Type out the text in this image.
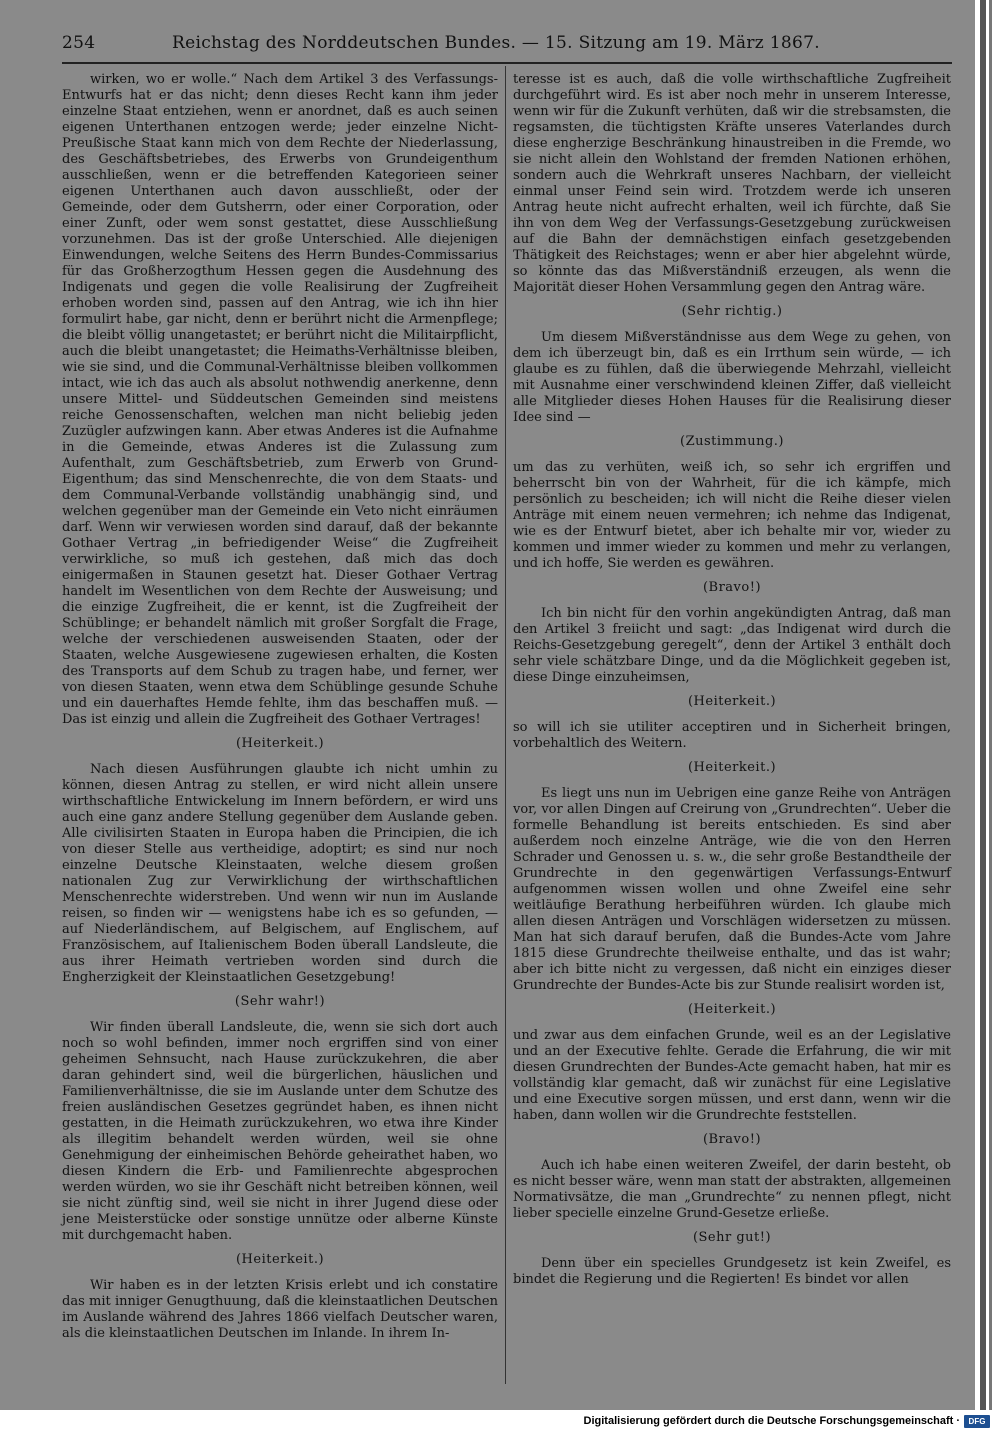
254	Reichstag des Norddeutschen Bundes. — 15. Sitzung am 19. März 1867.

wirken, wo er wolle.“ Nach dem Artikel 3 des Verfassungs-Entwurfs hat er das nicht; denn dieses Recht kann ihm jeder einzelne Staat entziehen, wenn er anordnet, daß es auch seinen eigenen Unterthanen entzogen werde; jeder einzelne Nicht-Preußische Staat kann mich von dem Rechte der Niederlassung, des Geschäftsbetriebes, des Erwerbs von Grundeigenthum ausschließen, wenn er die betreffenden Kategorieen seiner eigenen Unterthanen auch davon ausschließt, oder der Gemeinde, oder dem Gutsherrn, oder einer Corporation, oder einer Zunft, oder wem sonst gestattet, diese Ausschließung vorzunehmen. Das ist der große Unterschied. Alle diejenigen Einwendungen, welche Seitens des Herrn Bundes-Commissarius für das Großherzogthum Hessen gegen die Ausdehnung des Indigenats und gegen die volle Realisirung der Zugfreiheit erhoben worden sind, passen auf den Antrag, wie ich ihn hier formulirt habe, gar nicht, denn er berührt nicht die Armenpflege; die bleibt völlig unangetastet; er berührt nicht die Militairpflicht, auch die bleibt unangetastet; die Heimaths-Verhältnisse bleiben, wie sie sind, und die Communal-Verhältnisse bleiben vollkommen intact, wie ich das auch als absolut nothwendig anerkenne, denn unsere Mittel- und Süddeutschen Gemeinden sind meistens reiche Genossenschaften, welchen man nicht beliebig jeden Zuzügler aufzwingen kann. Aber etwas Anderes ist die Aufnahme in die Gemeinde, etwas Anderes ist die Zulassung zum Aufenthalt, zum Geschäftsbetrieb, zum Erwerb von Grund-Eigenthum; das sind Menschenrechte, die von dem Staats- und dem Communal-Verbande vollständig unabhängig sind, und welchen gegenüber man der Gemeinde ein Veto nicht einräumen darf. Wenn wir verwiesen worden sind darauf, daß der bekannte Gothaer Vertrag „in befriedigender Weise“ die Zugfreiheit verwirkliche, so muß ich gestehen, daß mich das doch einigermaßen in Staunen gesetzt hat. Dieser Gothaer Vertrag handelt im Wesentlichen von dem Rechte der Ausweisung; und die einzige Zugfreiheit, die er kennt, ist die Zugfreiheit der Schüblinge; er behandelt nämlich mit großer Sorgfalt die Frage, welche der verschiedenen ausweisenden Staaten, oder der Staaten, welche Ausgewiesene zugewiesen erhalten, die Kosten des Transports auf dem Schub zu tragen habe, und ferner, wer von diesen Staaten, wenn etwa dem Schüblinge gesunde Schuhe und ein dauerhaftes Hemde fehlte, ihm das beschaffen muß. — Das ist einzig und allein die Zugfreiheit des Gothaer Vertrages!

(Heiterkeit.)

Nach diesen Ausführungen glaubte ich nicht umhin zu können, diesen Antrag zu stellen, er wird nicht allein unsere wirthschaftliche Entwickelung im Innern befördern, er wird uns auch eine ganz andere Stellung gegenüber dem Auslande geben. Alle civilisirten Staaten in Europa haben die Principien, die ich von dieser Stelle aus vertheidige, adoptirt; es sind nur noch einzelne Deutsche Kleinstaaten, welche diesem großen nationalen Zug zur Verwirklichung der wirthschaftlichen Menschenrechte widerstreben. Und wenn wir nun im Auslande reisen, so finden wir — wenigstens habe ich es so gefunden, — auf Niederländischem, auf Belgischem, auf Englischem, auf Französischem, auf Italienischem Boden überall Landsleute, die aus ihrer Heimath vertrieben worden sind durch die Engherzigkeit der Kleinstaatlichen Gesetzgebung!

(Sehr wahr!)

Wir finden überall Landsleute, die, wenn sie sich dort auch noch so wohl befinden, immer noch ergriffen sind von einer geheimen Sehnsucht, nach Hause zurückzukehren, die aber daran gehindert sind, weil die bürgerlichen, häuslichen und Familienverhältnisse, die sie im Auslande unter dem Schutze des freien ausländischen Gesetzes gegründet haben, es ihnen nicht gestatten, in die Heimath zurückzukehren, wo etwa ihre Kinder als illegitim behandelt werden würden, weil sie ohne Genehmigung der einheimischen Behörde geheirathet haben, wo diesen Kindern die Erb- und Familienrechte abgesprochen werden würden, wo sie ihr Geschäft nicht betreiben können, weil sie nicht zünftig sind, weil sie nicht in ihrer Jugend diese oder jene Meisterstücke oder sonstige unnütze oder alberne Künste mit durchgemacht haben.

(Heiterkeit.)

Wir haben es in der letzten Krisis erlebt und ich constatire das mit inniger Genugthuung, daß die kleinstaatlichen Deutschen im Auslande während des Jahres 1866 vielfach Deutscher waren, als die kleinstaatlichen Deutschen im Inlande. In ihrem In-

teresse ist es auch, daß die volle wirthschaftliche Zugfreiheit durchgeführt wird. Es ist aber noch mehr in unserem Interesse, wenn wir für die Zukunft verhüten, daß wir die strebsamsten, die regsamsten, die tüchtigsten Kräfte unseres Vaterlandes durch diese engherzige Beschränkung hinaustreiben in die Fremde, wo sie nicht allein den Wohlstand der fremden Nationen erhöhen, sondern auch die Wehrkraft unseres Nachbarn, der vielleicht einmal unser Feind sein wird. Trotzdem werde ich unseren Antrag heute nicht aufrecht erhalten, weil ich fürchte, daß Sie ihn von dem Weg der Verfassungs-Gesetzgebung zurückweisen auf die Bahn der demnächstigen einfach gesetzgebenden Thätigkeit des Reichstages; wenn er aber hier abgelehnt würde, so könnte das das Mißverständniß erzeugen, als wenn die Majorität dieser Hohen Versammlung gegen den Antrag wäre.

(Sehr richtig.)

Um diesem Mißverständnisse aus dem Wege zu gehen, von dem ich überzeugt bin, daß es ein Irrthum sein würde, — ich glaube es zu fühlen, daß die überwiegende Mehrzahl, vielleicht mit Ausnahme einer verschwindend kleinen Ziffer, daß vielleicht alle Mitglieder dieses Hohen Hauses für die Realisirung dieser Idee sind —

(Zustimmung.)

um das zu verhüten, weiß ich, so sehr ich ergriffen und beherrscht bin von der Wahrheit, für die ich kämpfe, mich persönlich zu bescheiden; ich will nicht die Reihe dieser vielen Anträge mit einem neuen vermehren; ich nehme das Indigenat, wie es der Entwurf bietet, aber ich behalte mir vor, wieder zu kommen und immer wieder zu kommen und mehr zu verlangen, und ich hoffe, Sie werden es gewähren.

(Bravo!)

Ich bin nicht für den vorhin angekündigten Antrag, daß man den Artikel 3 freiicht und sagt: „das Indigenat wird durch die Reichs-Gesetzgebung geregelt“, denn der Artikel 3 enthält doch sehr viele schätzbare Dinge, und da die Möglichkeit gegeben ist, diese Dinge einzuheimsen,

(Heiterkeit.)

so will ich sie utiliter acceptiren und in Sicherheit bringen, vorbehaltlich des Weitern.

(Heiterkeit.)

Es liegt uns nun im Uebrigen eine ganze Reihe von Anträgen vor, vor allen Dingen auf Creirung von „Grundrechten“. Ueber die formelle Behandlung ist bereits entschieden. Es sind aber außerdem noch einzelne Anträge, wie die von den Herren Schrader und Genossen u. s. w., die sehr große Bestandtheile der Grundrechte in den gegenwärtigen Verfassungs-Entwurf aufgenommen wissen wollen und ohne Zweifel eine sehr weitläufige Berathung herbeiführen würden. Ich glaube mich allen diesen Anträgen und Vorschlägen widersetzen zu müssen. Man hat sich darauf berufen, daß die Bundes-Acte vom Jahre 1815 diese Grundrechte theilweise enthalte, und das ist wahr; aber ich bitte nicht zu vergessen, daß nicht ein einziges dieser Grundrechte der Bundes-Acte bis zur Stunde realisirt worden ist,

(Heiterkeit.)

und zwar aus dem einfachen Grunde, weil es an der Legislative und an der Executive fehlte. Gerade die Erfahrung, die wir mit diesen Grundrechten der Bundes-Acte gemacht haben, hat mir es vollständig klar gemacht, daß wir zunächst für eine Legislative und eine Executive sorgen müssen, und erst dann, wenn wir die haben, dann wollen wir die Grundrechte feststellen.

(Bravo!)

Auch ich habe einen weiteren Zweifel, der darin besteht, ob es nicht besser wäre, wenn man statt der abstrakten, allgemeinen Normativsätze, die man „Grundrechte“ zu nennen pflegt, nicht lieber specielle einzelne Grund-Gesetze erließe.

(Sehr gut!)

Denn über ein specielles Grundgesetz ist kein Zweifel, es bindet die Regierung und die Regierten! Es bindet vor allen

Digitalisierung gefördert durch die Deutsche Forschungsgemeinschaft ·	DFG
